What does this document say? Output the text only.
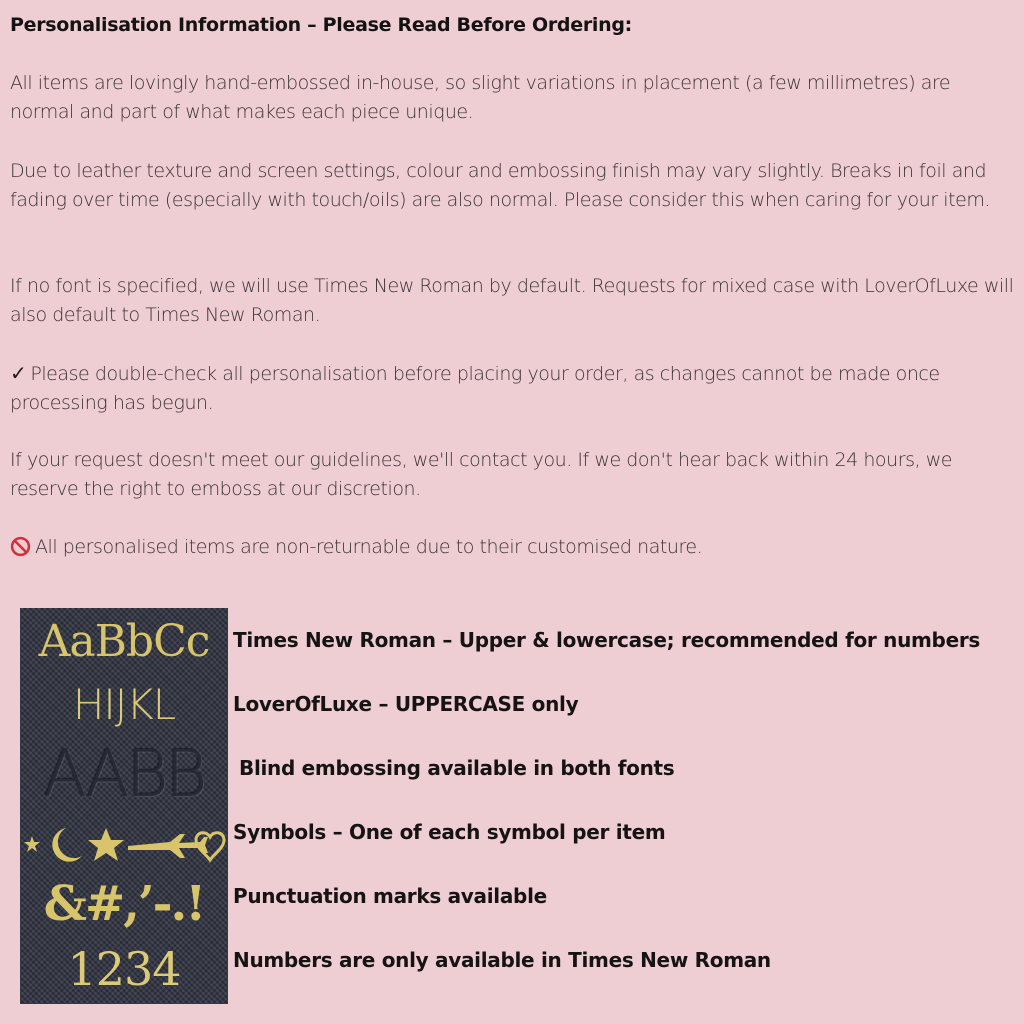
Personalisation Information – Please Read Before Ordering:

All items are lovingly hand-embossed in-house, so slight variations in placement (a few millimetres) are normal and part of what makes each piece unique.

Due to leather texture and screen settings, colour and embossing finish may vary slightly. Breaks in foil and fading over time (especially with touch/oils) are also normal. Please consider this when caring for your item.

If no font is specified, we will use Times New Roman by default. Requests for mixed case with LoverOfLuxe will also default to Times New Roman.

✓ Please double-check all personalisation before placing your order, as changes cannot be made once processing has begun.

If your request doesn't meet our guidelines, we'll contact you. If we don't hear back within 24 hours, we reserve the right to emboss at our discretion.

All personalised items are non-returnable due to their customised nature.

AaBbCc
HIJKL
AABB
&#,’-.!
1234
Times New Roman – Upper & lowercase; recommended for numbers
LoverOfLuxe – UPPERCASE only
Blind embossing available in both fonts
Symbols – One of each symbol per item
Punctuation marks available
Numbers are only available in Times New Roman
